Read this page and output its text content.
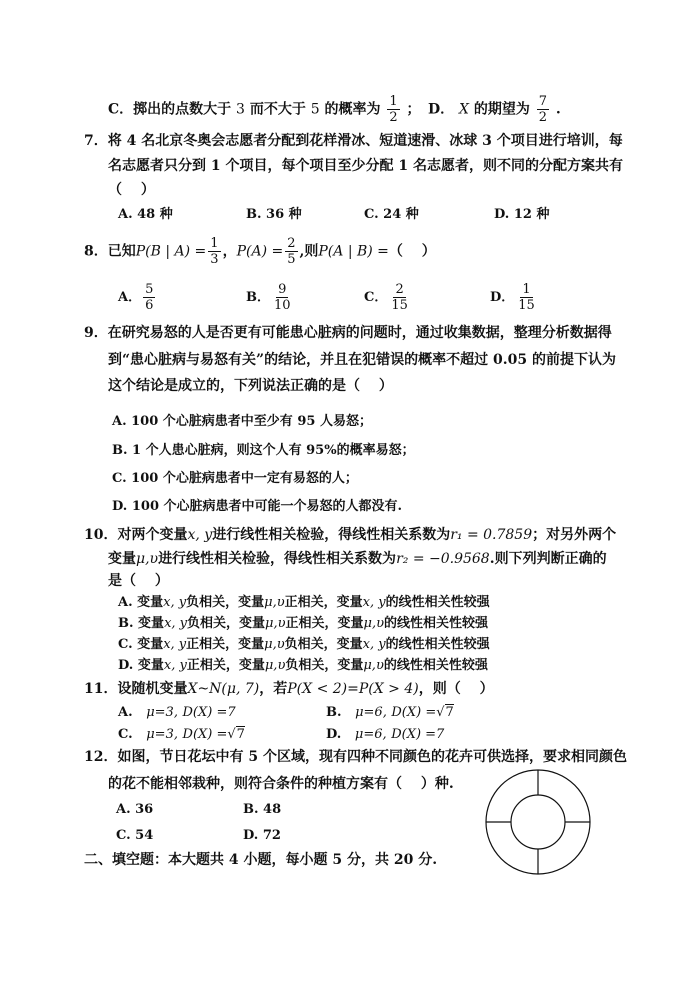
C．掷出的点数大于 3 而不大于 5 的概率为 $\frac{1}{2}$ ； D． X 的期望为 $\frac{7}{2}$ .
7．将 4 名北京冬奥会志愿者分配到花样滑冰、短道速滑、冰球 3 个项目进行培训，每
名志愿者只分到 1 个项目，每个项目至少分配 1 名志愿者，则不同的分配方案共有
（　 ）
A. 48 种	B. 36 种	C. 24 种	D. 12 种
8．已知P(B | $A) = \frac{1}{3}$ ，$P(A) = \frac{2}{5}$ ,则P(A | B) =（　 ）
A． $\frac{5}{6}$	B． $\frac{9}{10}$	C． $\frac{2}{15}$	D． $\frac{1}{15}$
9．在研究易怒的人是否更有可能患心脏病的问题时，通过收集数据，整理分析数据得
到“患心脏病与易怒有关”的结论，并且在犯错误的概率不超过 0.05 的前提下认为
这个结论是成立的，下列说法正确的是（　 ）
A. 100 个心脏病患者中至少有 95 人易怒；
B. 1 个人患心脏病，则这个人有 95%的概率易怒；
C. 100 个心脏病患者中一定有易怒的人；
D. 100 个心脏病患者中可能一个易怒的人都没有.
10．对两个变量x, y进行线性相关检验，得线性相关系数为r₁ = 0.7859；对另外两个
变量μ,υ进行线性相关检验，得线性相关系数为r₂ = −0.9568.则下列判断正确的
是（　 ）
A. 变量x, y负相关，变量μ,υ正相关，变量x, y的线性相关性较强
B. 变量x, y负相关，变量μ,υ正相关，变量μ,υ的线性相关性较强
C. 变量x, y正相关，变量μ,υ负相关，变量x, y的线性相关性较强
D. 变量x, y正相关，变量μ,υ负相关，变量μ,υ的线性相关性较强
11．设随机变量X~N(μ, 7)，若P(X < 2)=P(X > 4)，则（　 ）
A. μ=3, D(X) =7	B. μ=6, D(X) =√7
C. μ=3, D(X) =√7	D. μ=6, D(X) =7
12．如图，节日花坛中有 5 个区域，现有四种不同颜色的花卉可供选择，要求相同颜色
的花不能相邻栽种，则符合条件的种植方案有（　 ）种.
A. 36	B. 48
C. 54	D. 72
二、填空题：本大题共 4 小题，每小题 5 分，共 20 分.
